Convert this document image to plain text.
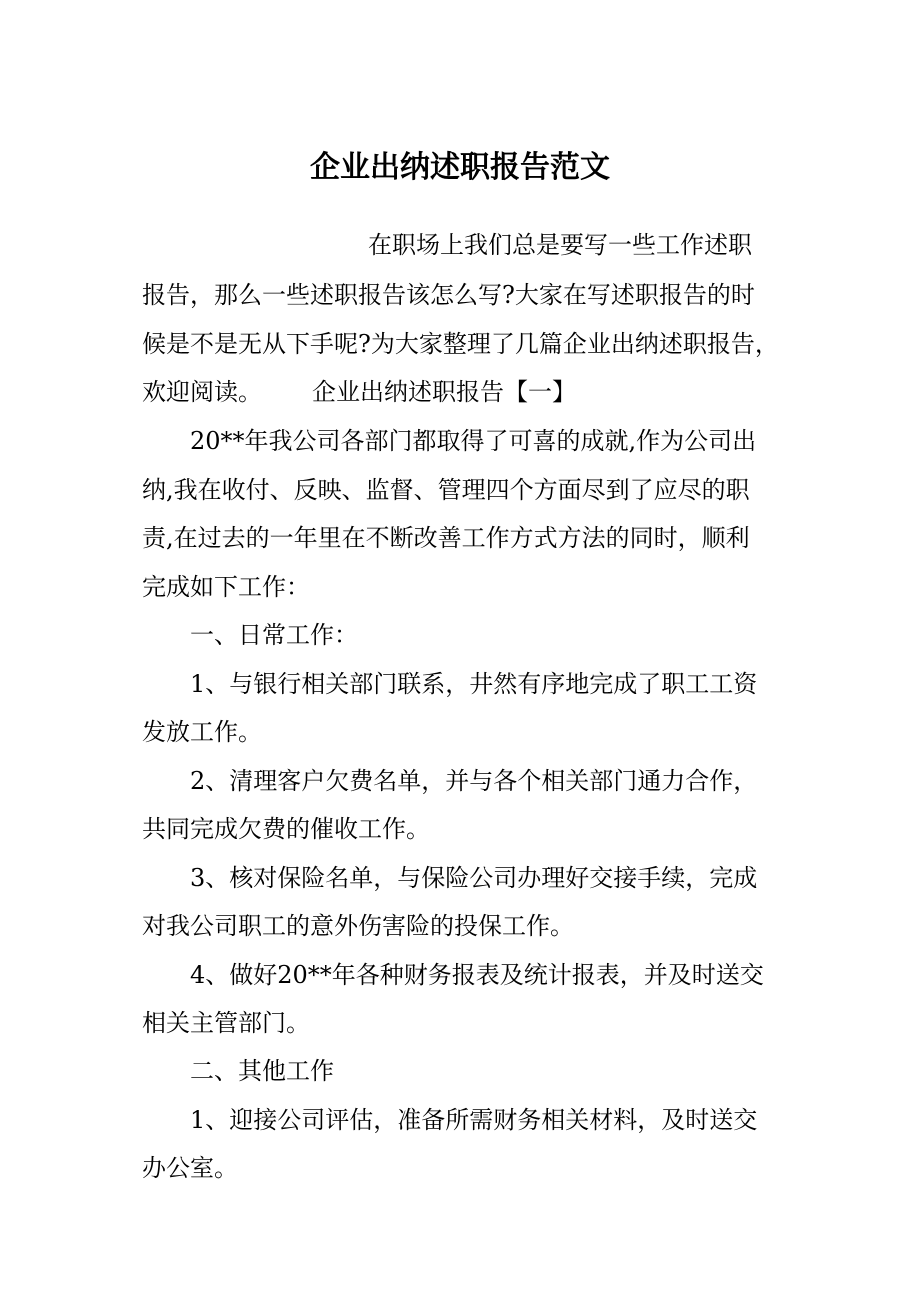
企业出纳述职报告范文

在职场上我们总是要写一些工作述职

报告，那么一些述职报告该怎么写?大家在写述职报告的时

候是不是无从下手呢?为大家整理了几篇企业出纳述职报告，

欢迎阅读。 企业出纳述职报告【一】

20**年我公司各部门都取得了可喜的成就,作为公司出

纳,我在收付、反映、监督、管理四个方面尽到了应尽的职

责,在过去的一年里在不断改善工作方式方法的同时，顺利

完成如下工作：

一、日常工作：

1、与银行相关部门联系，井然有序地完成了职工工资

发放工作。

2、清理客户欠费名单，并与各个相关部门通力合作，

共同完成欠费的催收工作。

3、核对保险名单，与保险公司办理好交接手续，完成

对我公司职工的意外伤害险的投保工作。

4、做好20**年各种财务报表及统计报表，并及时送交

相关主管部门。

二、其他工作

1、迎接公司评估，准备所需财务相关材料，及时送交

办公室。
